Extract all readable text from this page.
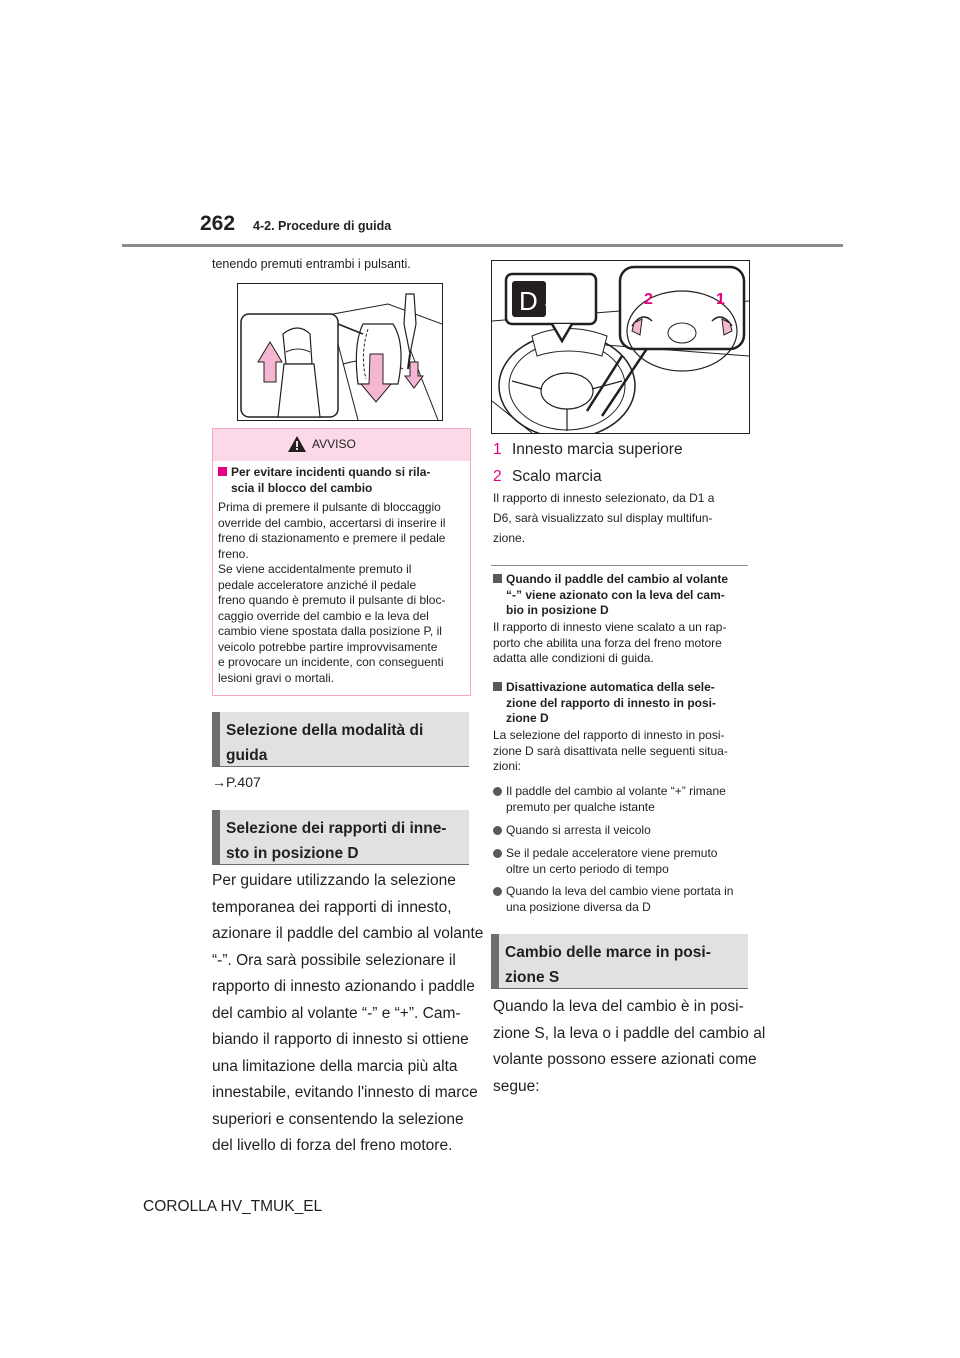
262 4-2. Procedure di guida
tenendo premuti entrambi i pulsanti.
AVVISO
Per evitare incidenti quando si rila-
scia il blocco del cambio
Prima di premere il pulsante di bloccaggio
override del cambio, accertarsi di inserire il
freno di stazionamento e premere il pedale
freno.
Se viene accidentalmente premuto il
pedale acceleratore anziché il pedale
freno quando è premuto il pulsante di bloc-
caggio override del cambio e la leva del
cambio viene spostata dalla posizione P, il
veicolo potrebbe partire improvvisamente
e provocare un incidente, con conseguenti
lesioni gravi o mortali.
Selezione della modalità di
guida
→P.407
Selezione dei rapporti di inne-
sto in posizione D
Per guidare utilizzando la selezione
temporanea dei rapporti di innesto,
azionare il paddle del cambio al volante
“-”. Ora sarà possibile selezionare il
rapporto di innesto azionando i paddle
del cambio al volante “-” e “+”. Cam-
biando il rapporto di innesto si ottiene
una limitazione della marcia più alta
innestabile, evitando l'innesto di marce
superiori e consentendo la selezione
del livello di forza del freno motore.
D 4	2	1
1 Innesto marcia superiore
2 Scalo marcia
Il rapporto di innesto selezionato, da D1 a
D6, sarà visualizzato sul display multifun-
zione.
Quando il paddle del cambio al volante
“-” viene azionato con la leva del cam-
bio in posizione D
Il rapporto di innesto viene scalato a un rap-
porto che abilita una forza del freno motore
adatta alle condizioni di guida.
Disattivazione automatica della sele-
zione del rapporto di innesto in posi-
zione D
La selezione del rapporto di innesto in posi-
zione D sarà disattivata nelle seguenti situa-
zioni:
Il paddle del cambio al volante “+” rimane
premuto per qualche istante
Quando si arresta il veicolo
Se il pedale acceleratore viene premuto
oltre un certo periodo di tempo
Quando la leva del cambio viene portata in
una posizione diversa da D
Cambio delle marce in posi-
zione S
Quando la leva del cambio è in posi-
zione S, la leva o i paddle del cambio al
volante possono essere azionati come
segue:
COROLLA HV_TMUK_EL
